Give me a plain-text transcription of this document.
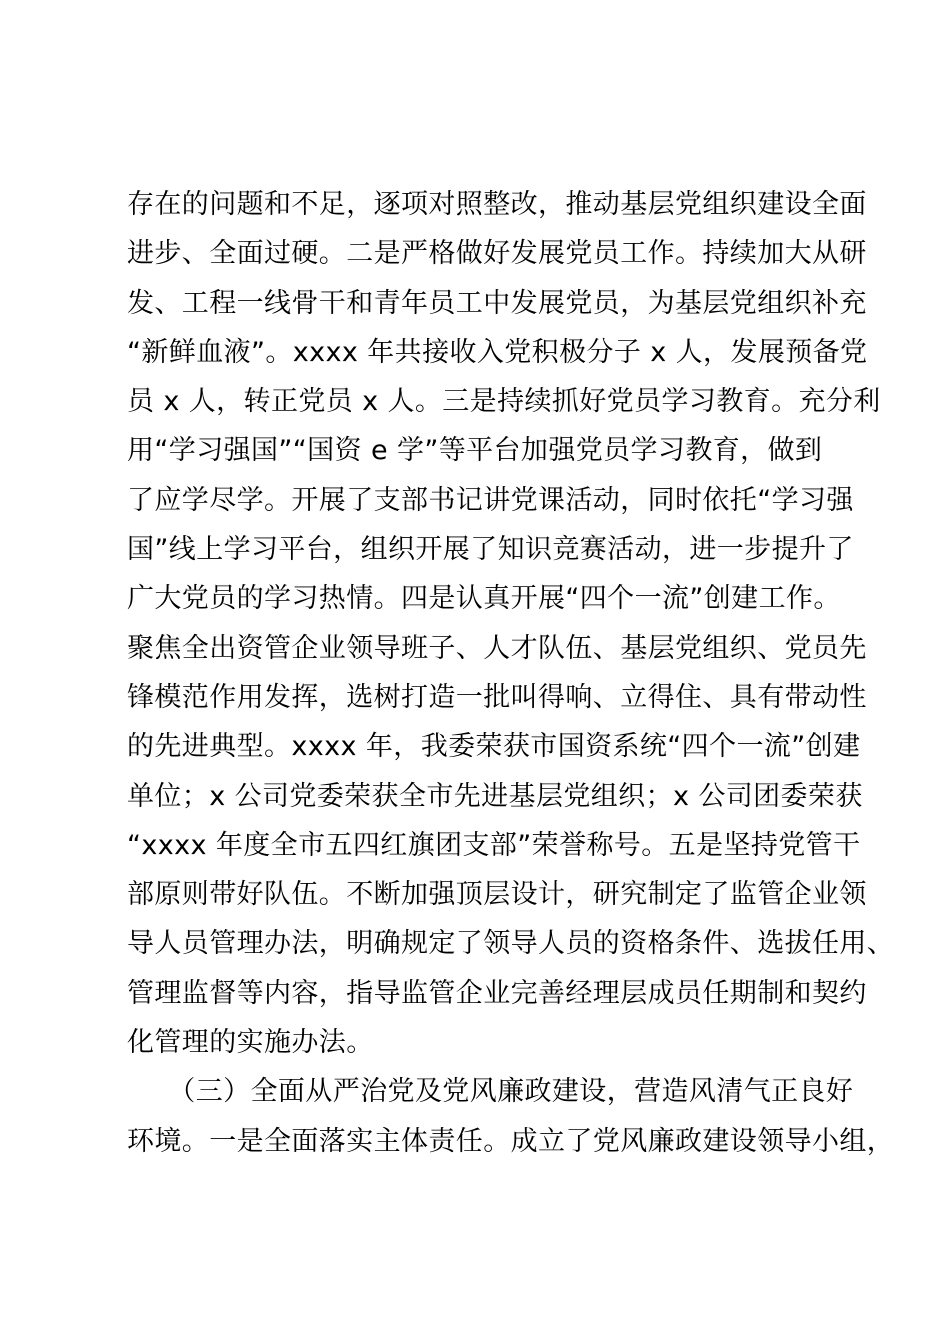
存在的问题和不足，逐项对照整改，推动基层党组织建设全面
进步、全面过硬。二是严格做好发展党员工作。持续加大从研
发、工程一线骨干和青年员工中发展党员，为基层党组织补充
“新鲜血液”。xxxx 年共接收入党积极分子 x 人，发展预备党
员 x 人，转正党员 x 人。三是持续抓好党员学习教育。充分利
用“学习强国”“国资 e 学”等平台加强党员学习教育，做到
了应学尽学。开展了支部书记讲党课活动，同时依托“学习强
国”线上学习平台，组织开展了知识竞赛活动，进一步提升了
广大党员的学习热情。四是认真开展“四个一流”创建工作。
聚焦全出资管企业领导班子、人才队伍、基层党组织、党员先
锋模范作用发挥，选树打造一批叫得响、立得住、具有带动性
的先进典型。xxxx 年，我委荣获市国资系统“四个一流”创建
单位；x 公司党委荣获全市先进基层党组织；x 公司团委荣获
“xxxx 年度全市五四红旗团支部”荣誉称号。五是坚持党管干
部原则带好队伍。不断加强顶层设计，研究制定了监管企业领
导人员管理办法，明确规定了领导人员的资格条件、选拔任用、
管理监督等内容，指导监管企业完善经理层成员任期制和契约
化管理的实施办法。
　　（三）全面从严治党及党风廉政建设，营造风清气正良好
环境。一是全面落实主体责任。成立了党风廉政建设领导小组，
